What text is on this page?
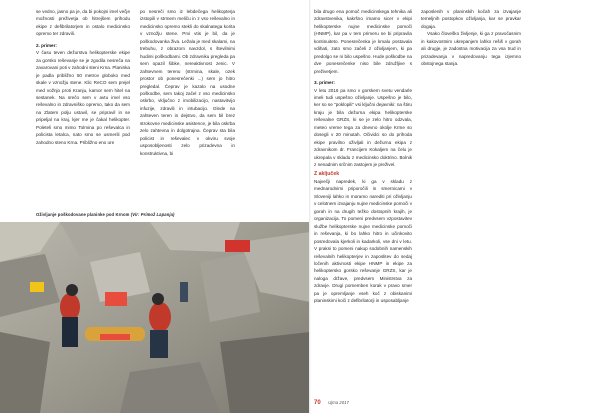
se vedno, jasno pa je, da bi pokojni imel večje možnosti preživetja ob hitrejšem prihodu ekipe z defibrilatorjem in ostalo medicinsko opremo ter zdravili.

2. primer:

V času teven dežurstva helikopterske ekipe za gorsko reševanje se je zgodila nesreča na zavarovani poti v zahodni steni Krna. Planinka je padla približno 50 metrov globoko med skale v vznožju stene. Klic ReCO sem prejel med vožnjo proti Kranju, kamor sem hitel na sestanek. Na srečo sem v avtu imel vso reševalno in zdravniško opremo, tako da sem na Zlatem polju ustavil, se pripravil in se pripeljal na kraj, kjer me je čakal helikopter. Poleteli smo mimo Tolmina po reševalca in policista letalca, nato smo se usmerili pod zahodno steno Krna. Približno eno ure

po nesreči smo iz lebdečega helikopterja izstopili v strmem meliču in z vso reševalno in medicinsko opremo stekli do skalnatega korita v vznožju stene. Prvi vtis je bil, da je poškodovanka živa. Ležala je med skalami, na trebuhu, z obrazom navzdol, s številnimi hudimi poškodbami. Ob zdravniku pregleda pa sem opazil šibke, nereaktivnost zenic. V zahtevnem terenu (strmina, skale, ozek prostor ob ponesrečenki ...) sem jo hitro pregledal. Čeprav je kazalo na usodne poškodbe, sem takoj začel z vso medicinsko oskrbo, vključno z imobilizacijo, nastavitvijo infuzije, zdravili in intubacijo. Glede na zahteven teren in dejstvo, da sem bil brez strokovne medicinske asistence, je bila oskrba zelo zahtevna in dolgotrajna. Čeprav sta bila policist in reševalec v okviru svoje usposobljenosti zelo prizadevna in konstruktivna, bi

Oživljanje poškodovane planinke pod Krnom (Vir: Primož Lapanja)

bila drugo ena pomoč medicinskega tehnika ali zdravstvenika, kakršno imamo sicer v ekipi helikopterske nujne medicinske pomoči (HNMP), kar pa v tem primeru ne bi pripravila kontinuiteto. Ponesrečenka je kmalu postavala vdihati, zato smo začeli z oživljanjem, ki pa predolgo se ni bilo uspešno. Hude poškodbe na dve ponesrečenke niso bile združljive s preživetjem.

3. primer:

V letu 2016 pa smo v gorskem svetu vendarle imeli tudi uspešno oživljanje. Uspešno je bilo, ker so se "poklopili" vsi ključni dejavniki: na štiru kraju je bila dežurna ekipa helikopterske reševalne GRZS, ki se je zelo hitro odzvala, meteo vreme tega za dnevno okolje Krme so dosegli v 20 minutah. Očividci so do prihoda ekipe pravilno oživljali in dežurna ekipa z zdravnikom dr. Francijem Kokaljem na čelu je ukrepala v skladu z medicinsko doktrino. Bolnik z nenadnim srčnim zastojem je preživel.

Z aključek

Največji napredek, ki ga v skladu z mednarodnimi priporočili in smernicami v Sloveniji lahko in moramo narediti pri oživljanju v celotnem izvajanju nujne medicinske pomoči v gorah in na drugih težko dostopnih krajih, je organizacija. To pomeni predvsem vzpostavitev službe helikopterske nujne medicinske pomoči in reševanja, ki bo lahko hitro in učinkovito posredovala kjerkoli in kadarkoli, vse dni v letu. V praksi to pomeni nakup sodobnih namenskih reševalnih helikopterjev in zaposlitev do sedaj ločenih aktivnosti ekipe HNMP in ekipe za helikoptersko gorsko reševanje GRZS, kar je naloga države, predvsem Ministrstva za zdravje. Drugi pomemben korak v pravo smer pa je opremljanje vseh koč z obiskanimi planinskimi koči z defibrilatorji in usposabljanje

zaposlenih v planinskih kočah za izvajanje temeljnih postopkov oživljanja, kar se pravkar dogaja.

Vsako človeško življenje, ki ga z pravočasnim in kakovostnim ukrepanjem lahko rešiš v gorah ali drugje, je zadostna motivacija za vsa trud in prizadevanja v napredovanju tega izjemno obstojnega stanja.

70 Ujma 2017
